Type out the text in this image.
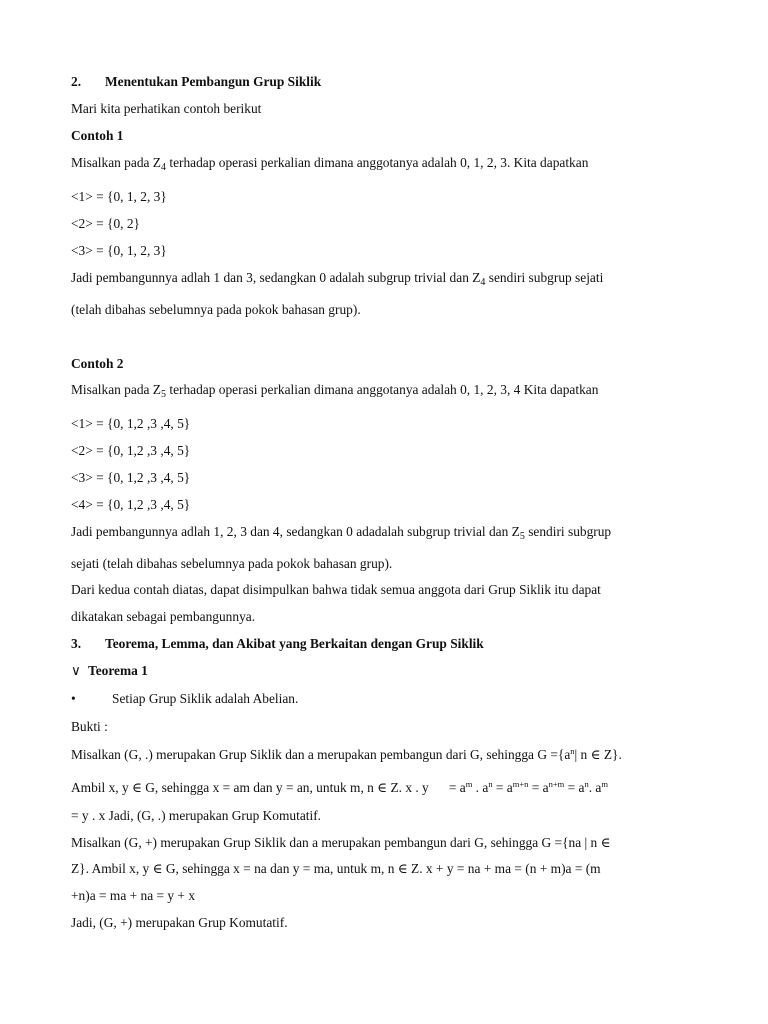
2. Menentukan Pembangun Grup Siklik
Mari kita perhatikan contoh berikut
Contoh 1
Misalkan pada $Z_4$ terhadap operasi perkalian dimana anggotanya adalah 0, 1, 2, 3. Kita dapatkan
<1> = {0, 1, 2, 3}
<2> = {0, 2}
<3> = {0, 1, 2, 3}
Jadi pembangunnya adlah 1 dan 3, sedangkan 0 adalah subgrup trivial dan $Z_4$ sendiri subgrup sejati
(telah dibahas sebelumnya pada pokok bahasan grup).
Contoh 2
Misalkan pada $Z_5$ terhadap operasi perkalian dimana anggotanya adalah 0, 1, 2, 3, 4 Kita dapatkan
<1> = {0, 1,2 ,3 ,4, 5}
<2> = {0, 1,2 ,3 ,4, 5}
<3> = {0, 1,2 ,3 ,4, 5}
<4> = {0, 1,2 ,3 ,4, 5}
Jadi pembangunnya adlah 1, 2, 3 dan 4, sedangkan 0 adadalah subgrup trivial dan $Z_5$ sendiri subgrup
sejati (telah dibahas sebelumnya pada pokok bahasan grup).
Dari kedua contah diatas, dapat disimpulkan bahwa tidak semua anggota dari Grup Siklik itu dapat
dikatakan sebagai pembangunnya.
3. Teorema, Lemma, dan Akibat yang Berkaitan dengan Grup Siklik
∨ Teorema 1
•	Setiap Grup Siklik adalah Abelian.
Bukti :
Misalkan (G, .) merupakan Grup Siklik dan a merupakan pembangun dari G, sehingga $G =\{a^n|$ n ∈ Z}.
Ambil x, y ∈ G, sehingga x = am dan y = an, untuk m, n ∈ Z. x . y      = $a^m$ . $a^n = a^{m+n} = a^{n+m} = a^n$. $a^m$
= y . x Jadi, (G, .) merupakan Grup Komutatif.
Misalkan (G, +) merupakan Grup Siklik dan a merupakan pembangun dari G, sehingga G ={na | n ∈
Z}. Ambil x, y ∈ G, sehingga x = na dan y = ma, untuk m, n ∈ Z. x + y = na + ma = (n + m)a = (m
+n)a = ma + na = y + x
Jadi, (G, +) merupakan Grup Komutatif.
